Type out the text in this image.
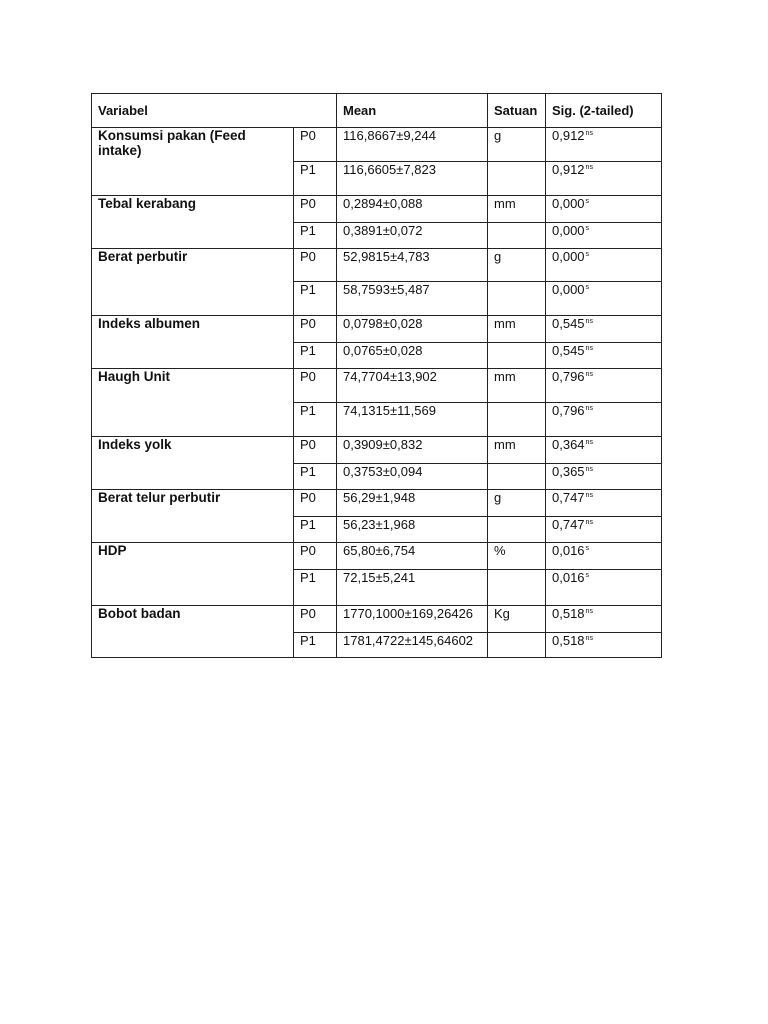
Variabel		Mean	Satuan	Sig. (2-tailed)
Konsumsi pakan (Feed intake)	P0	116,8667±9,244	g	$0,912^{ns}$
	P1	116,6605±7,823		$0,912^{ns}$
Tebal kerabang	P0	0,2894±0,088	mm	0,000$^s$
	P1	0,3891±0,072		0,000$^s$
Berat perbutir	P0	52,9815±4,783	g	0,000$^s$
	P1	58,7593±5,487		0,000$^s$
Indeks albumen	P0	0,0798±0,028	mm	$0,545^{ns}$
	P1	0,0765±0,028		$0,545^{ns}$
Haugh Unit	P0	74,7704±13,902	mm	$0,796^{ns}$
	P1	74,1315±11,569		$0,796^{ns}$
Indeks yolk	P0	0,3909±0,832	mm	$0,364^{ns}$
	P1	0,3753±0,094		$0,365^{ns}$
Berat telur perbutir	P0	56,29±1,948	g	$0,747^{ns}$
	P1	56,23±1,968		$0,747^{ns}$
HDP	P0	65,80±6,754	%	0,016$^s$
	P1	72,15±5,241		0,016$^s$
Bobot badan	P0	1770,1000±169,26426	Kg	$0,518^{ns}$
	P1	1781,4722±145,64602		$0,518^{ns}$
